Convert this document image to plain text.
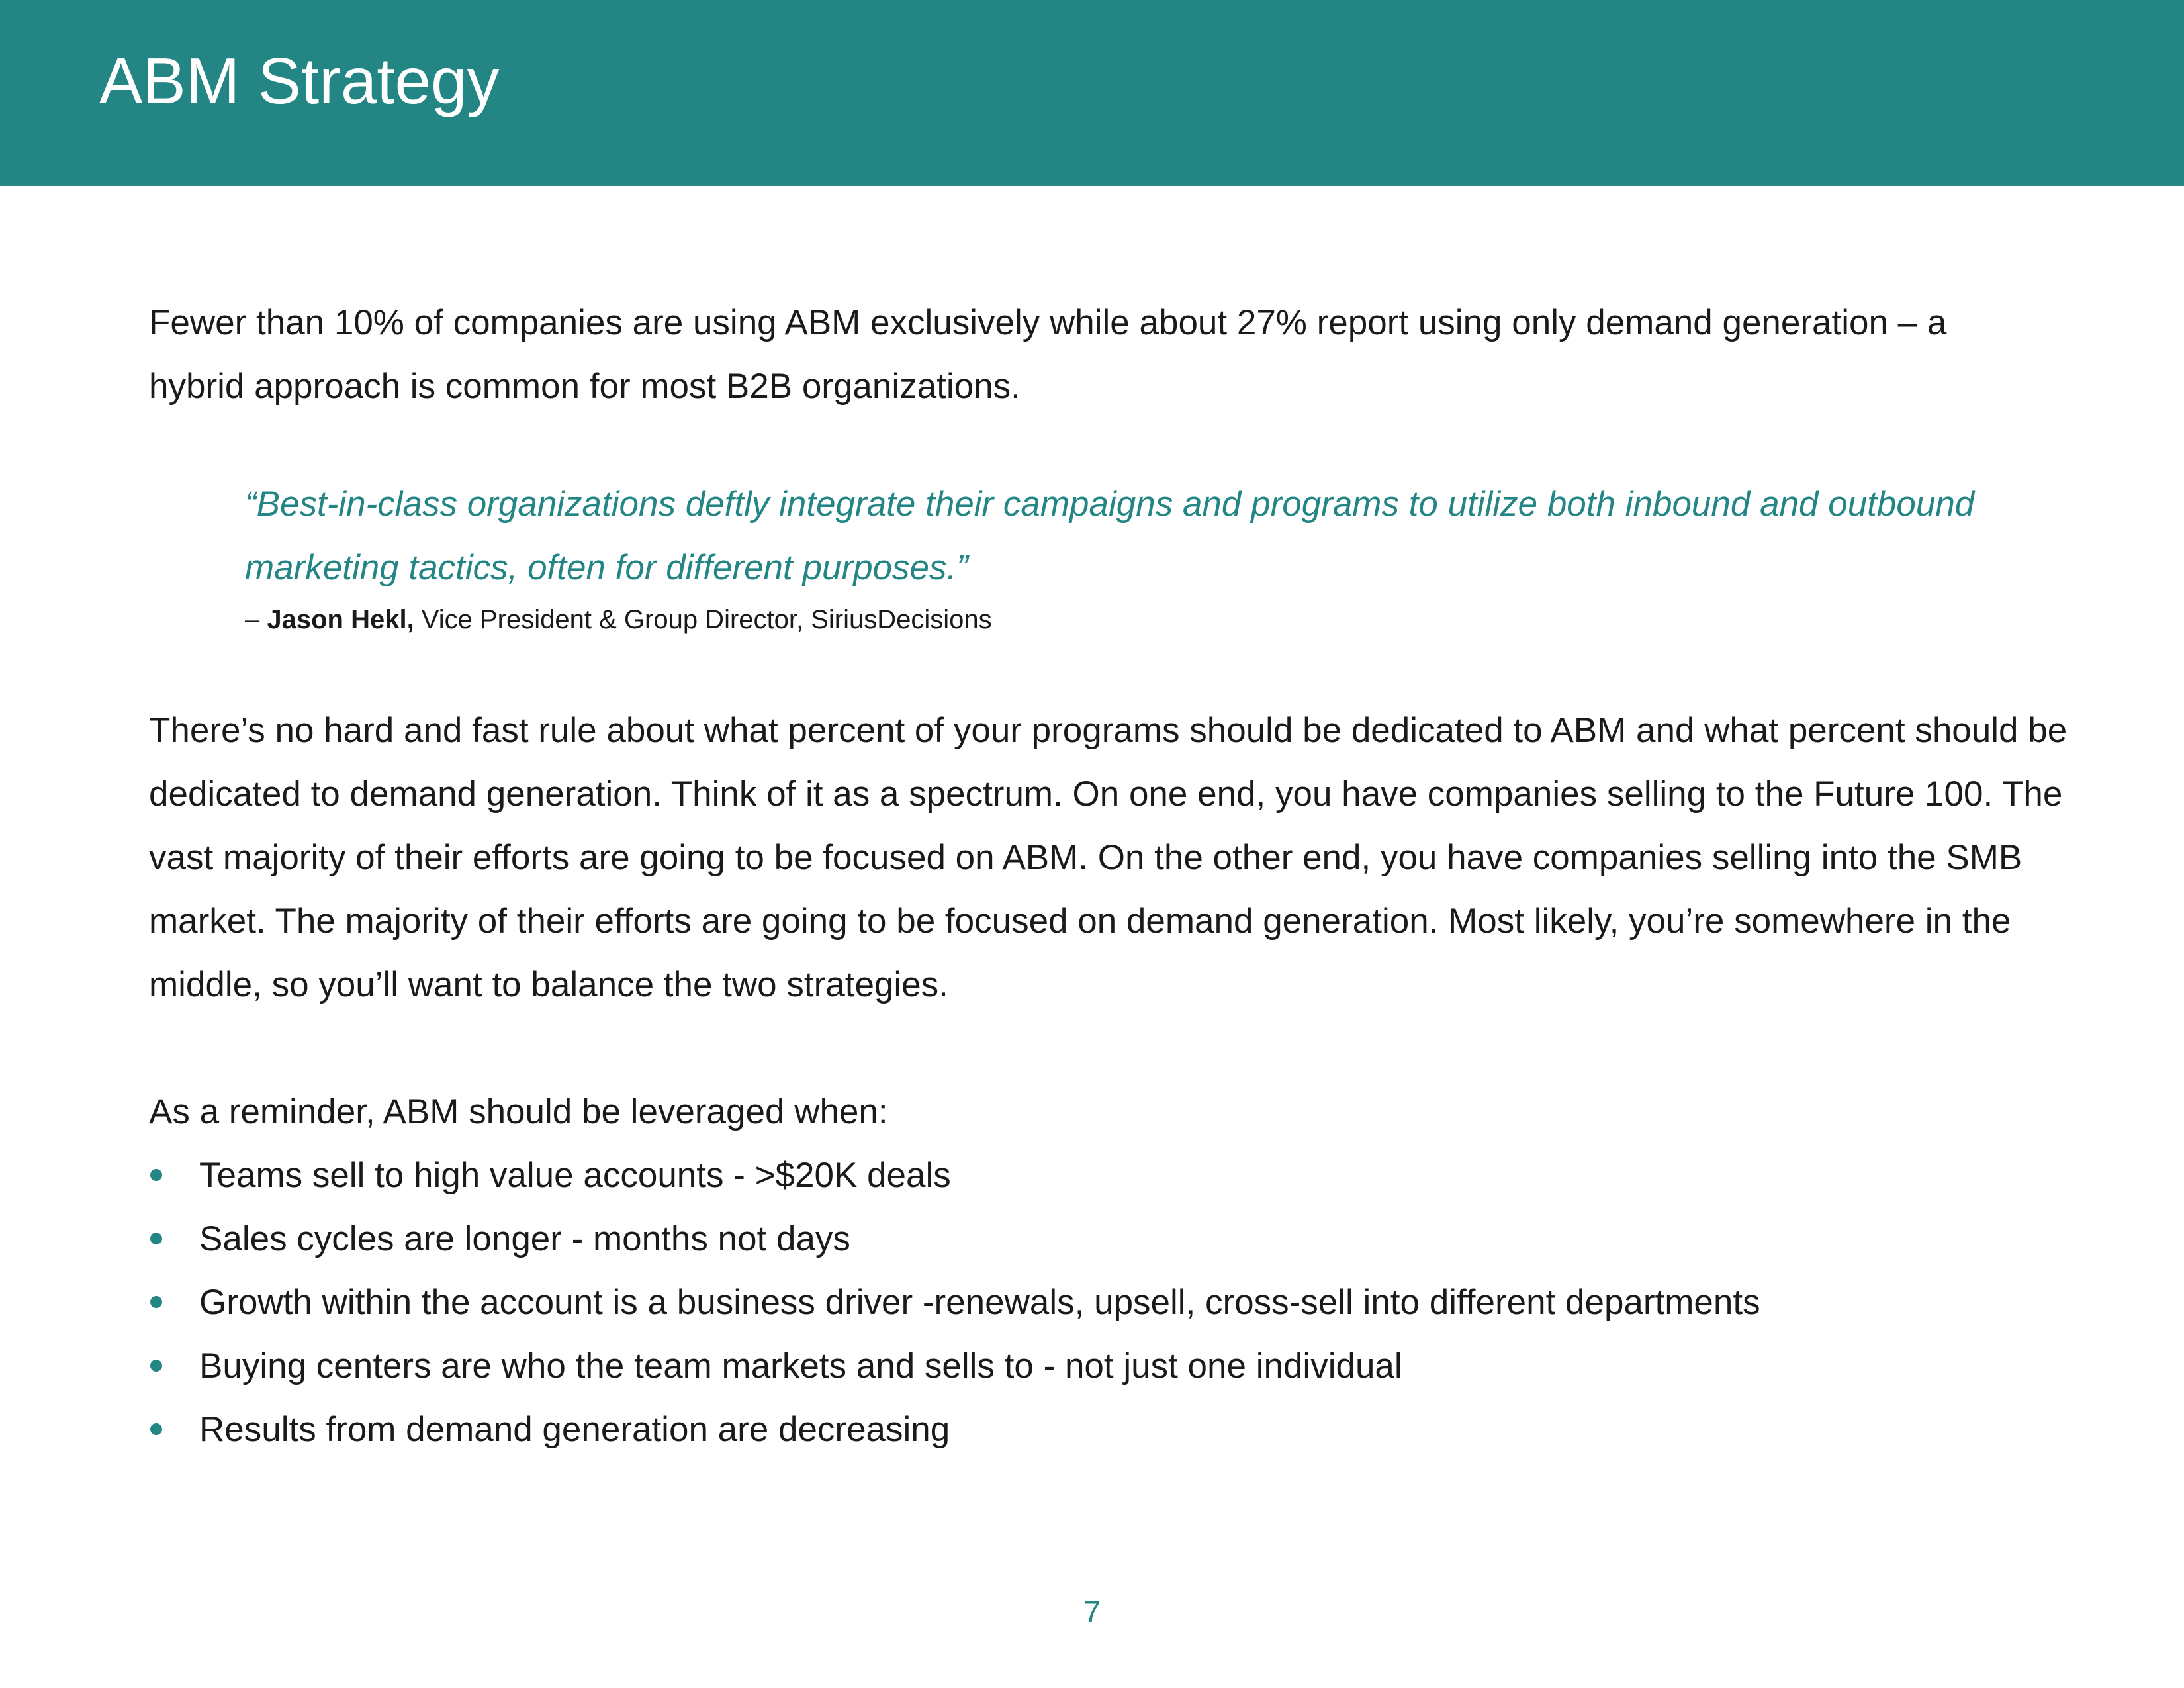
ABM Strategy

Fewer than 10% of companies are using ABM exclusively while about 27% report using only demand generation – a hybrid approach is common for most B2B organizations.

“Best-in-class organizations deftly integrate their campaigns and programs to utilize both inbound and outbound marketing tactics, often for different purposes.”

– Jason Hekl, Vice President & Group Director, SiriusDecisions

There’s no hard and fast rule about what percent of your programs should be dedicated to ABM and what percent should be dedicated to demand generation. Think of it as a spectrum. On one end, you have companies selling to the Future 100. The vast majority of their efforts are going to be focused on ABM. On the other end, you have companies selling into the SMB market. The majority of their efforts are going to be focused on demand generation. Most likely, you’re somewhere in the middle, so you’ll want to balance the two strategies.

As a reminder, ABM should be leveraged when:

Teams sell to high value accounts - >$20K deals
Sales cycles are longer - months not days
Growth within the account is a business driver -renewals, upsell, cross-sell into different departments
Buying centers are who the team markets and sells to - not just one individual
Results from demand generation are decreasing
7
